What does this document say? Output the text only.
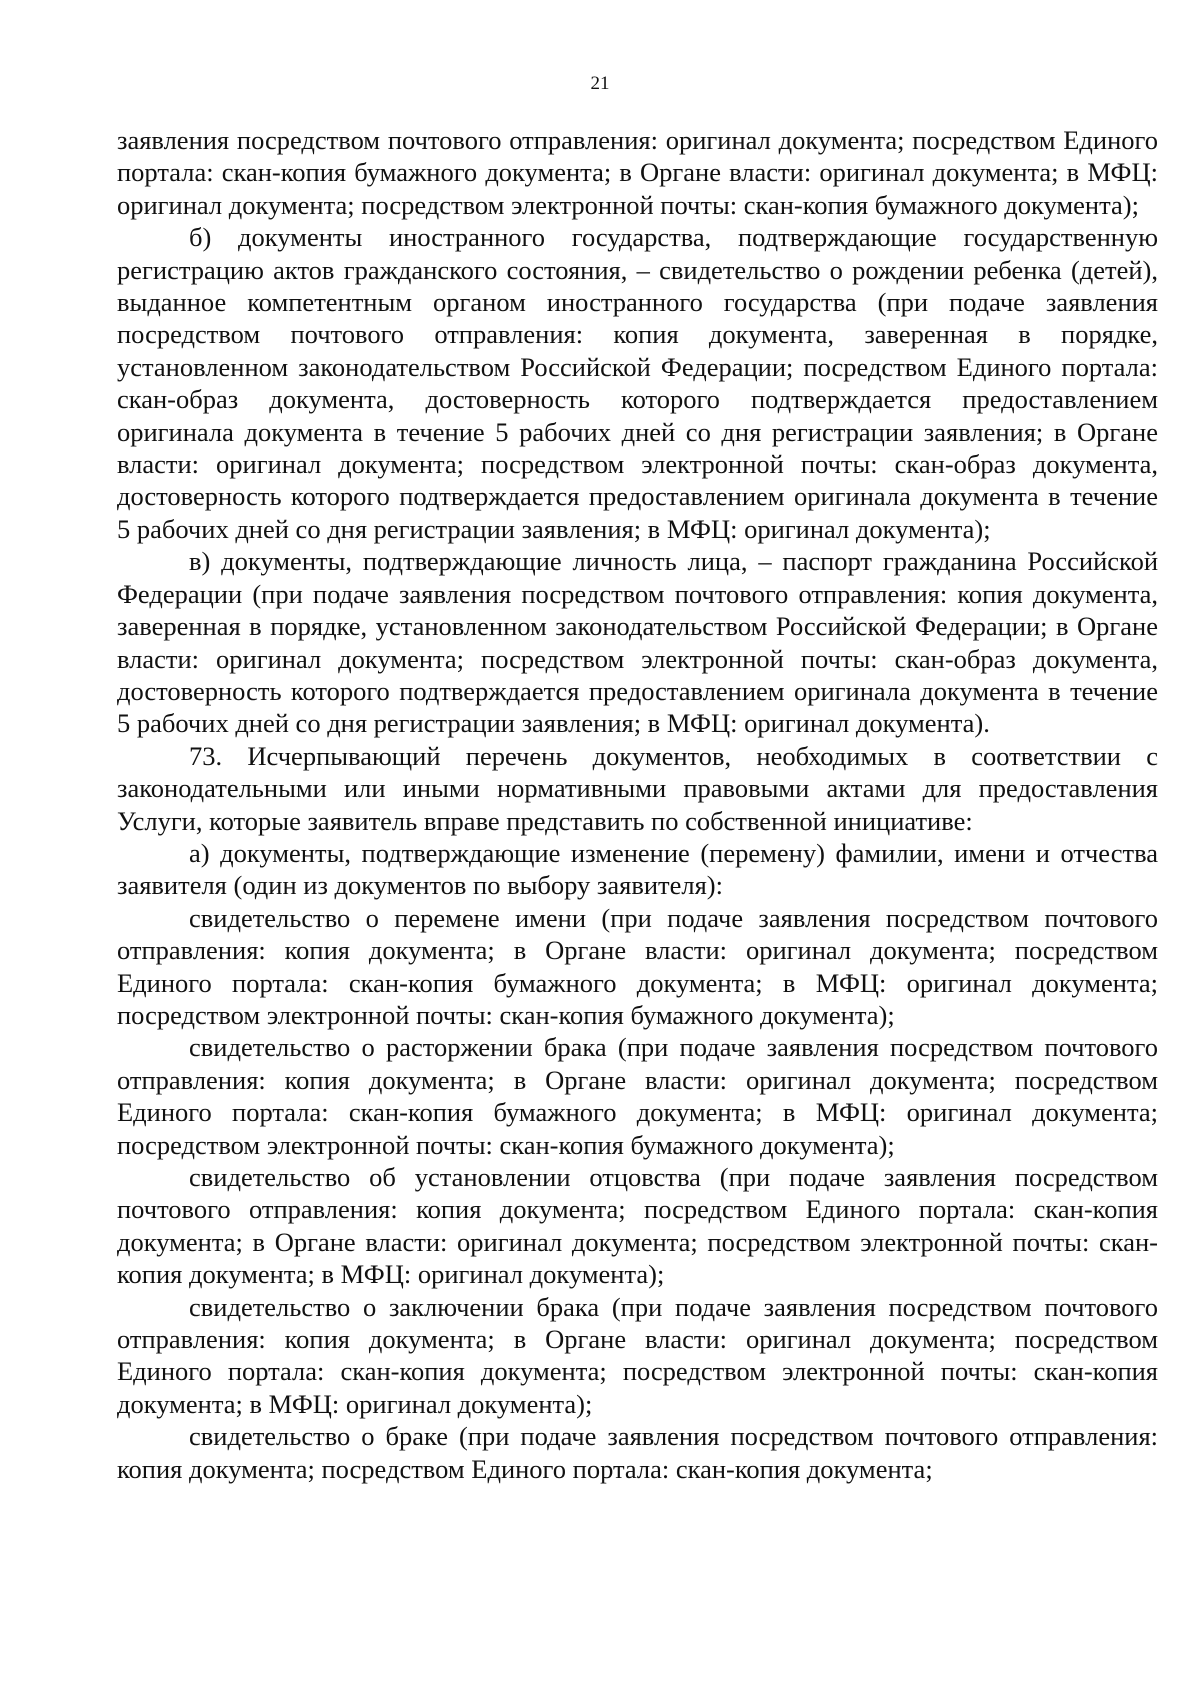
21

заявления посредством почтового отправления: оригинал документа; посредством Единого портала: скан-копия бумажного документа; в Органе власти: оригинал документа; в МФЦ: оригинал документа; посредством электронной почты: скан-копия бумажного документа);

б) документы иностранного государства, подтверждающие государственную регистрацию актов гражданского состояния, – свидетельство о рождении ребенка (детей), выданное компетентным органом иностранного государства (при подаче заявления посредством почтового отправления: копия документа, заверенная в порядке, установленном законодательством Российской Федерации; посредством Единого портала: скан-образ документа, достоверность которого подтверждается предоставлением оригинала документа в течение 5 рабочих дней со дня регистрации заявления; в Органе власти: оригинал документа; посредством электронной почты: скан-образ документа, достоверность которого подтверждается предоставлением оригинала документа в течение 5 рабочих дней со дня регистрации заявления; в МФЦ: оригинал документа);

в) документы, подтверждающие личность лица, – паспорт гражданина Российской Федерации (при подаче заявления посредством почтового отправления: копия документа, заверенная в порядке, установленном законодательством Российской Федерации; в Органе власти: оригинал документа; посредством электронной почты: скан-образ документа, достоверность которого подтверждается предоставлением оригинала документа в течение 5 рабочих дней со дня регистрации заявления; в МФЦ: оригинал документа).

73. Исчерпывающий перечень документов, необходимых в соответствии с законодательными или иными нормативными правовыми актами для предоставления Услуги, которые заявитель вправе представить по собственной инициативе:

а) документы, подтверждающие изменение (перемену) фамилии, имени и отчества заявителя (один из документов по выбору заявителя):

свидетельство о перемене имени (при подаче заявления посредством почтового отправления: копия документа; в Органе власти: оригинал документа; посредством Единого портала: скан-копия бумажного документа; в МФЦ: оригинал документа; посредством электронной почты: скан-копия бумажного документа);

свидетельство о расторжении брака (при подаче заявления посредством почтового отправления: копия документа; в Органе власти: оригинал документа; посредством Единого портала: скан-копия бумажного документа; в МФЦ: оригинал документа; посредством электронной почты: скан-копия бумажного документа);

свидетельство об установлении отцовства (при подаче заявления посредством почтового отправления: копия документа; посредством Единого портала: скан-копия документа; в Органе власти: оригинал документа; посредством электронной почты: скан-копия документа; в МФЦ: оригинал документа);

свидетельство о заключении брака (при подаче заявления посредством почтового отправления: копия документа; в Органе власти: оригинал документа; посредством Единого портала: скан-копия документа; посредством электронной почты: скан-копия документа; в МФЦ: оригинал документа);

свидетельство о браке (при подаче заявления посредством почтового отправления: копия документа; посредством Единого портала: скан-копия документа;
